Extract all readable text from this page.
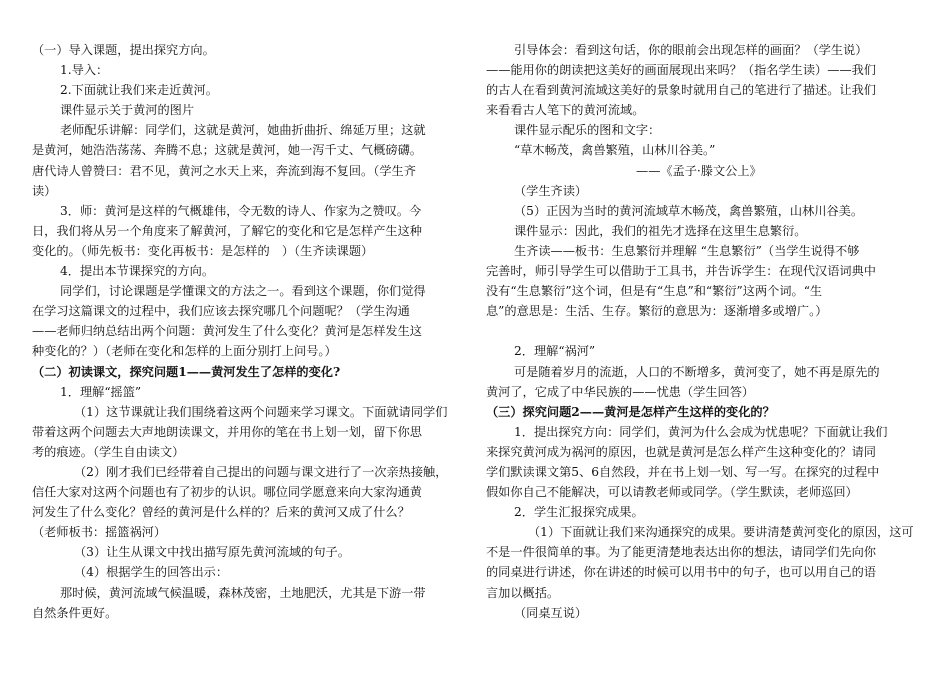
（一）导入课题，提出探究方向。
1.导入：
2.下面就让我们来走近黄河。
课件显示关于黄河的图片
老师配乐讲解：同学们，这就是黄河，她曲折曲折、绵延万里；这就
是黄河，她浩浩荡荡、奔腾不息；这就是黄河，她一泻千丈、气概磅礴。
唐代诗人曾赞曰：君不见，黄河之水天上来，奔流到海不复回。（学生齐
读）
3．师：黄河是这样的气概雄伟，令无数的诗人、作家为之赞叹。今
日，我们将从另一个角度来了解黄河，了解它的变化和它是怎样产生这种
变化的。（师先板书：变化再板书：是怎样的　）（生齐读课题）
4．提出本节课探究的方向。
同学们，讨论课题是学懂课文的方法之一。看到这个课题，你们觉得
在学习这篇课文的过程中，我们应该去探究哪几个问题呢？（学生沟通
——老师归纳总结出两个问题：黄河发生了什么变化？黄河是怎样发生这
种变化的？）（老师在变化和怎样的上面分别打上问号。）
（二）初读课文，探究问题1——黄河发生了怎样的变化?
1．理解“摇篮”
（1）这节课就让我们围绕着这两个问题来学习课文。下面就请同学们
带着这两个问题去大声地朗读课文，并用你的笔在书上划一划，留下你思
考的痕迹。（学生自由读文）
（2）刚才我们已经带着自己提出的问题与课文进行了一次亲热接触，
信任大家对这两个问题也有了初步的认识。哪位同学愿意来向大家沟通黄
河发生了什么变化？曾经的黄河是什么样的？后来的黄河又成了什么？
（老师板书：摇篮祸河）
（3）让生从课文中找出描写原先黄河流域的句子。
（4）根据学生的回答出示：
那时候，黄河流域气候温暖，森林茂密，土地肥沃，尤其是下游一带
自然条件更好。
引导体会：看到这句话，你的眼前会出现怎样的画面？（学生说）
——能用你的朗读把这美好的画面展现出来吗？（指名学生读）——我们
的古人在看到黄河流域这美好的景象时就用自己的笔进行了描述。让我们
来看看古人笔下的黄河流域。
课件显示配乐的图和文字：
“草木畅茂，禽兽繁殖，山林川谷美。”
——《孟子·滕文公上》
（学生齐读）
（5）正因为当时的黄河流域草木畅茂，禽兽繁殖，山林川谷美。
课件显示：因此，我们的祖先才选择在这里生息繁衍。
生齐读——板书：生息繁衍并理解 “生息繁衍”（当学生说得不够
完善时，师引导学生可以借助于工具书，并告诉学生：在现代汉语词典中
没有“生息繁衍”这个词，但是有“生息”和“繁衍”这两个词。“生
息”的意思是：生活、生存。繁衍的意思为：逐渐增多或增广。）
2．理解“祸河”
可是随着岁月的流逝，人口的不断增多，黄河变了，她不再是原先的
黄河了，它成了中华民族的——忧患（学生回答）
（三）探究问题2——黄河是怎样产生这样的变化的？
1．提出探究方向：同学们，黄河为什么会成为忧患呢？下面就让我们
来探究黄河成为祸河的原因，也就是黄河是怎么样产生这种变化的？请同
学们默读课文第5、6自然段，并在书上划一划、写一写。在探究的过程中
假如你自己不能解决，可以请教老师或同学。（学生默读，老师巡回）
2．学生汇报探究成果。
（1）下面就让我们来沟通探究的成果。要讲清楚黄河变化的原因，这可
不是一件很简单的事。为了能更清楚地表达出你的想法，请同学们先向你
的同桌进行讲述，你在讲述的时候可以用书中的句子，也可以用自己的语
言加以概括。
（同桌互说）
